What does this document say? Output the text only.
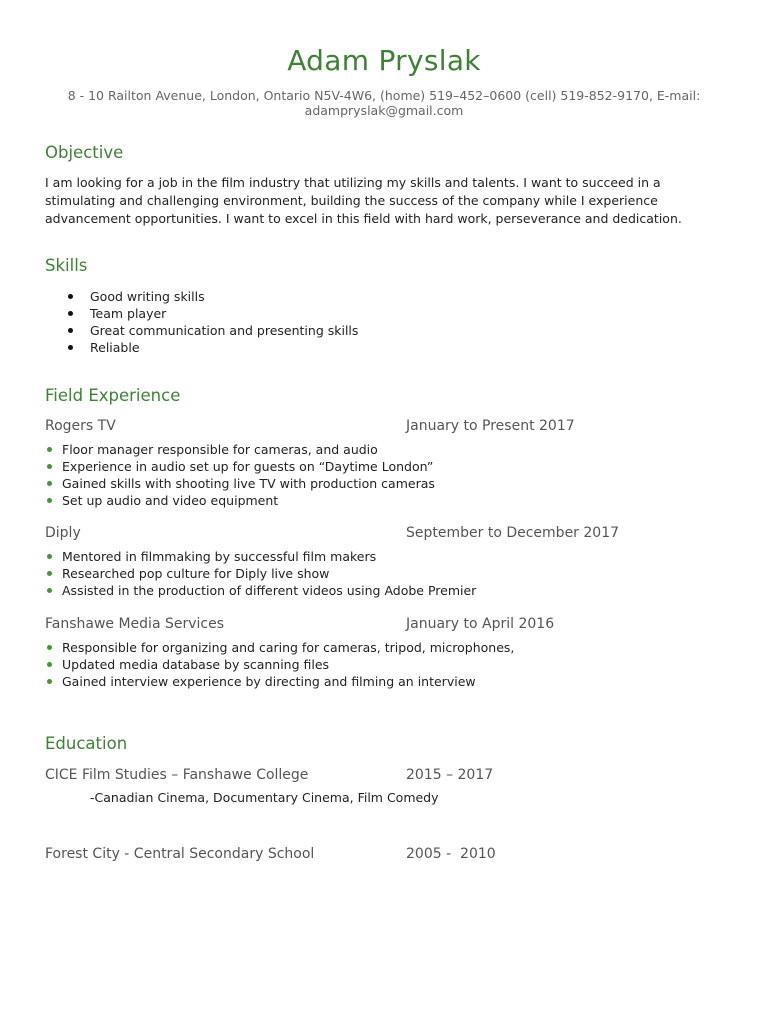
Adam Pryslak
8 - 10 Railton Avenue, London, Ontario N5V-4W6, (home) 519–452–0600 (cell) 519-852-9170, E-mail:
adampryslak@gmail.com
Objective
I am looking for a job in the film industry that utilizing my skills and talents. I want to succeed in a stimulating and challenging environment, building the success of the company while I experience advancement opportunities. I want to excel in this field with hard work, perseverance and dedication.
Skills
Good writing skills
Team player
Great communication and presenting skills
Reliable
Field Experience
Rogers TV	January to Present 2017
Floor manager responsible for cameras, and audio
Experience in audio set up for guests on “Daytime London”
Gained skills with shooting live TV with production cameras
Set up audio and video equipment
Diply	September to December 2017
Mentored in filmmaking by successful film makers
Researched pop culture for Diply live show
Assisted in the production of different videos using Adobe Premier
Fanshawe Media Services	January to April 2016
Responsible for organizing and caring for cameras, tripod, microphones,
Updated media database by scanning files
Gained interview experience by directing and filming an interview
Education
CICE Film Studies – Fanshawe College	2015 – 2017
-Canadian Cinema, Documentary Cinema, Film Comedy
Forest City - Central Secondary School	2005 -  2010
